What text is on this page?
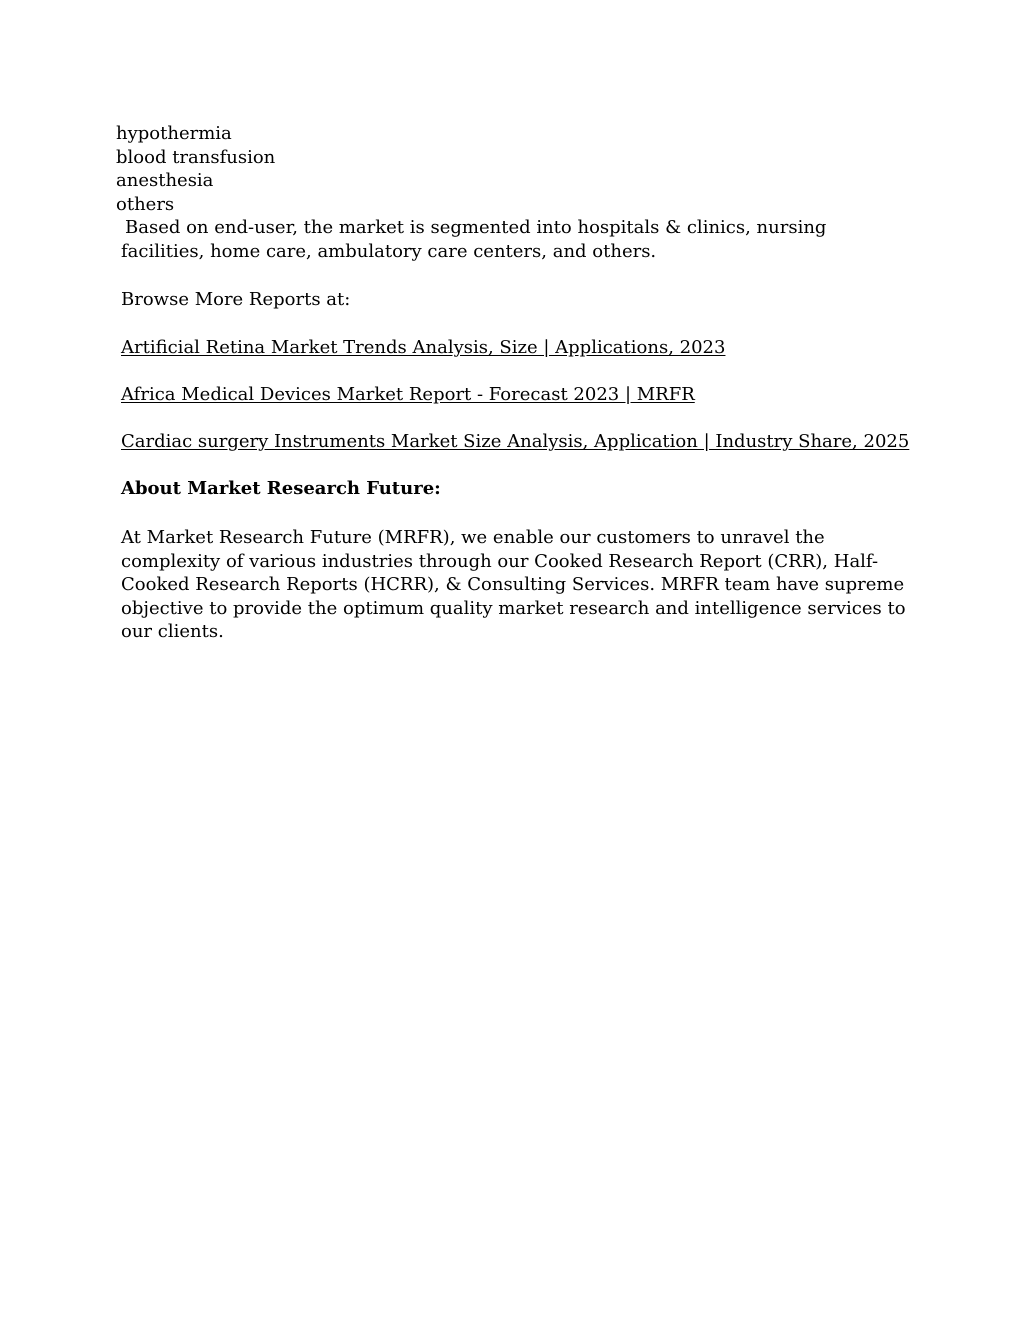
hypothermia
blood transfusion
anesthesia
others

Based on end-user, the market is segmented into hospitals & clinics, nursing facilities, home care, ambulatory care centers, and others.

Browse More Reports at:

Artificial Retina Market Trends Analysis, Size | Applications, 2023
Africa Medical Devices Market Report - Forecast 2023 | MRFR
Cardiac surgery Instruments Market Size Analysis, Application | Industry Share, 2025
About Market Research Future:

At Market Research Future (MRFR), we enable our customers to unravel the complexity of various industries through our Cooked Research Report (CRR), Half-Cooked Research Reports (HCRR), & Consulting Services. MRFR team have supreme objective to provide the optimum quality market research and intelligence services to our clients.
